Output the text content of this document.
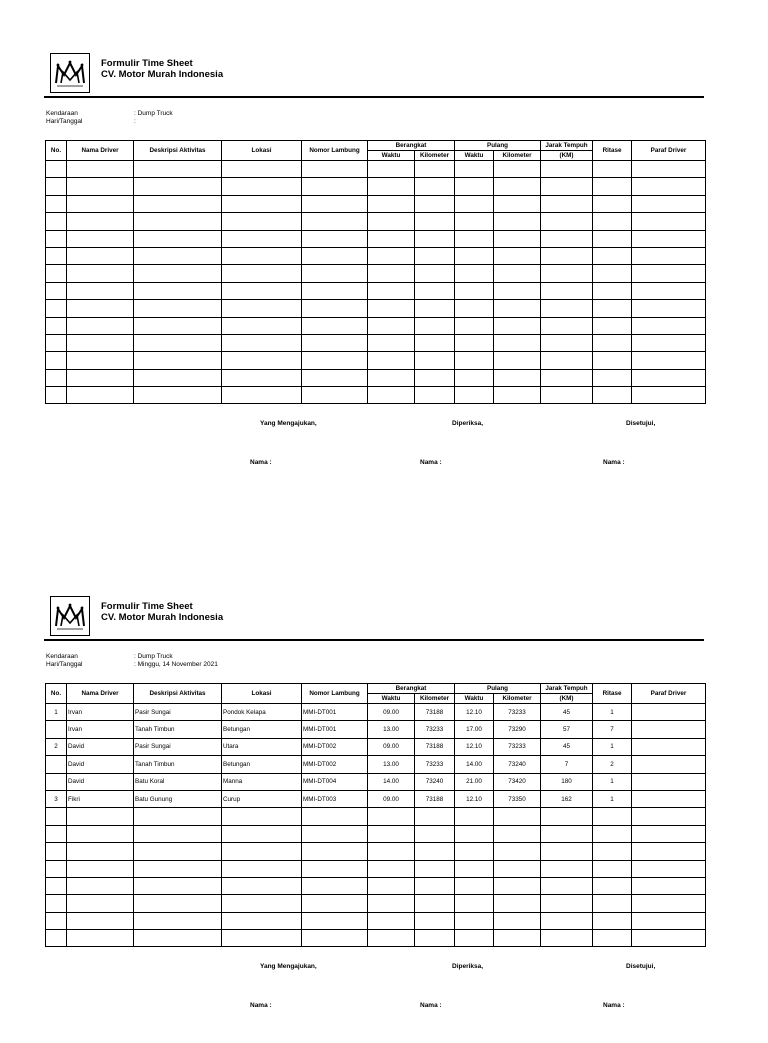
Formulir Time Sheet
CV. Motor Murah Indonesia
Kendaraan	: Dump Truck
Hari/Tanggal	:
No.	Nama Driver	Deskripsi Aktivitas	Lokasi	Nomor Lambung	Berangkat		Pulang		Jarak Tempuh	Ritase	Paraf Driver
					Waktu	Kilometer	Waktu	Kilometer	(KM)		

Yang Mengajukan,	Diperiksa,	Disetujui,
Nama :	Nama :	Nama :
Formulir Time Sheet
CV. Motor Murah Indonesia
Kendaraan	: Dump Truck
Hari/Tanggal	: Minggu, 14 November 2021
No.	Nama Driver	Deskripsi Aktivitas	Lokasi	Nomor Lambung	Berangkat		Pulang		Jarak Tempuh	Ritase	Paraf Driver
					Waktu	Kilometer	Waktu	Kilometer	(KM)		
1	Irvan	Pasir Sungai	Pondok Kelapa	MMI-DT001	09.00	73188	12.10	73233	45	1	
	Irvan	Tanah Timbun	Betungan	MMI-DT001	13.00	73233	17.00	73290	57	7	
2	David	Pasir Sungai	Utara	MMI-DT002	09.00	73188	12.10	73233	45	1	
	David	Tanah Timbun	Betungan	MMI-DT002	13.00	73233	14.00	73240	7	2	
	David	Batu Koral	Manna	MMI-DT004	14.00	73240	21.00	73420	180	1	
3	Fikri	Batu Gunung	Curup	MMI-DT003	09.00	73188	12.10	73350	162	1	

Yang Mengajukan,	Diperiksa,	Disetujui,
Nama :	Nama :	Nama :
